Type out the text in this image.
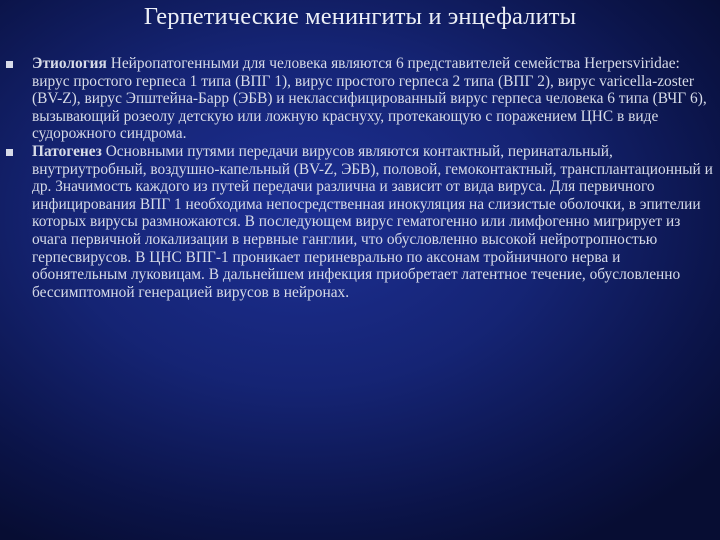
Герпетические менингиты и энцефалиты
Этиология Нейропатогенными для человека являются 6 представителей семейства Herpersviridae: вирус простого герпеса 1 типа (ВПГ 1), вирус простого герпеса 2 типа (ВПГ 2), вирус varicella-zoster (BV-Z), вирус Эпштейна-Барр (ЭБВ) и неклассифицированный вирус герпеса человека 6 типа (ВЧГ 6), вызывающий розеолу детскую или ложную краснуху, протекающую с поражением ЦНС в виде судорожного синдрома.
Патогенез Основными путями передачи вирусов являются контактный, перинатальный, внутриутробный, воздушно-капельный (BV-Z, ЭБВ), половой, гемоконтактный, трансплантационный и др. Значимость каждого из путей передачи различна и зависит от вида вируса. Для первичного инфицирования ВПГ 1 необходима непосредственная инокуляция на слизистые оболочки, в эпителии которых вирусы размножаются. В последующем вирус гематогенно или лимфогенно мигрирует из очага первичной локализации в нервные ганглии, что обусловленно высокой нейротропностью герпесвирусов. В ЦНС ВПГ-1 проникает периневрально по аксонам тройничного нерва и обонятельным луковицам. В дальнейшем инфекция приобретает латентное течение, обусловленно бессимптомной генерацией вирусов в нейронах.
